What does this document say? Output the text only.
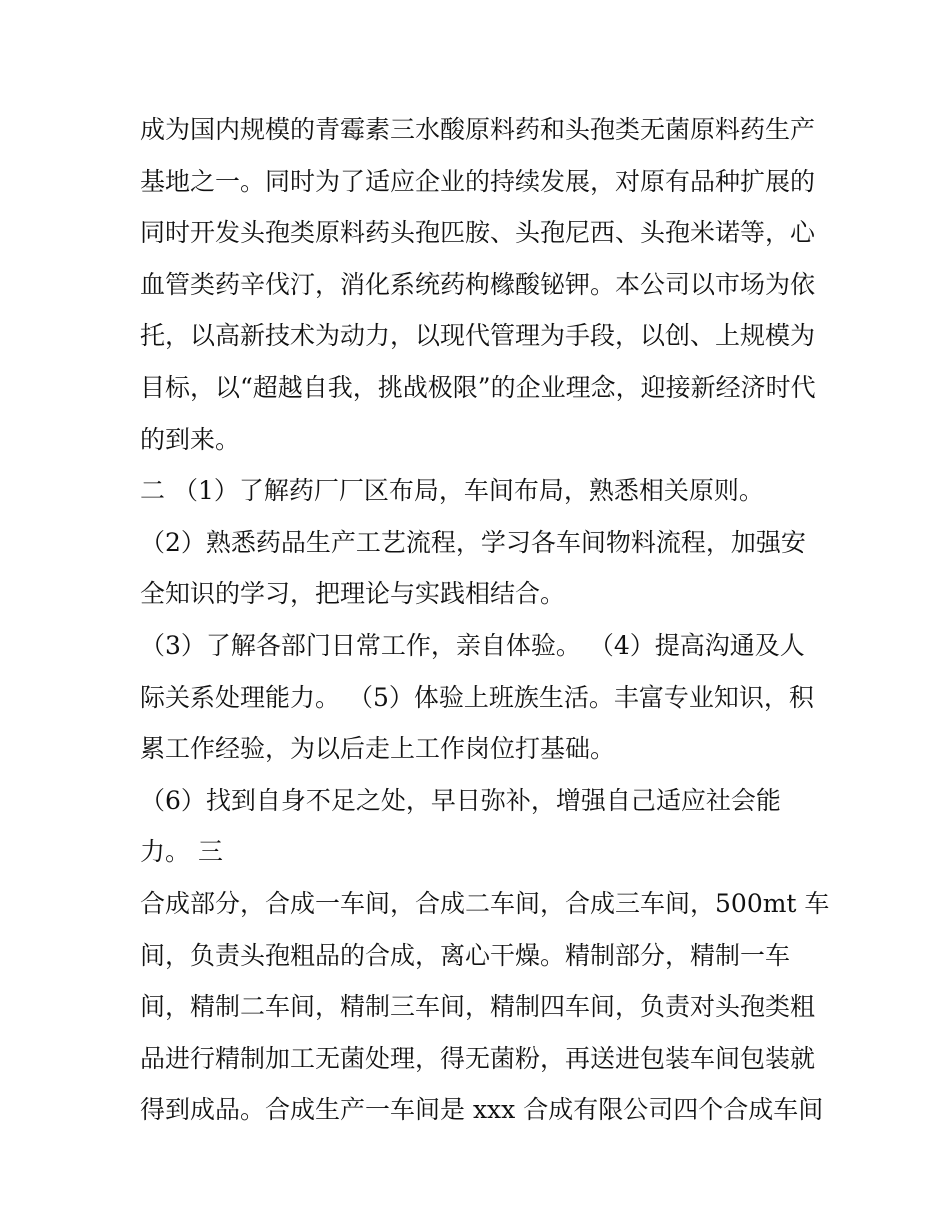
成为国内规模的青霉素三水酸原料药和头孢类无菌原料药生产
基地之一。同时为了适应企业的持续发展，对原有品种扩展的
同时开发头孢类原料药头孢匹胺、头孢尼西、头孢米诺等，心
血管类药辛伐汀，消化系统药枸橼酸铋钾。本公司以市场为依
托，以高新技术为动力，以现代管理为手段，以创、上规模为
目标，以“超越自我，挑战极限”的企业理念，迎接新经济时代
的到来。
二 （1）了解药厂厂区布局，车间布局，熟悉相关原则。
（2）熟悉药品生产工艺流程，学习各车间物料流程，加强安
全知识的学习，把理论与实践相结合。
（3）了解各部门日常工作，亲自体验。 （4）提高沟通及人
际关系处理能力。 （5）体验上班族生活。丰富专业知识，积
累工作经验，为以后走上工作岗位打基础。
（6）找到自身不足之处，早日弥补，增强自己适应社会能
力。 三
合成部分，合成一车间，合成二车间，合成三车间，500mt 车
间，负责头孢粗品的合成，离心干燥。精制部分，精制一车
间，精制二车间，精制三车间，精制四车间，负责对头孢类粗
品进行精制加工无菌处理，得无菌粉，再送进包装车间包装就
得到成品。合成生产一车间是 xxx 合成有限公司四个合成车间
